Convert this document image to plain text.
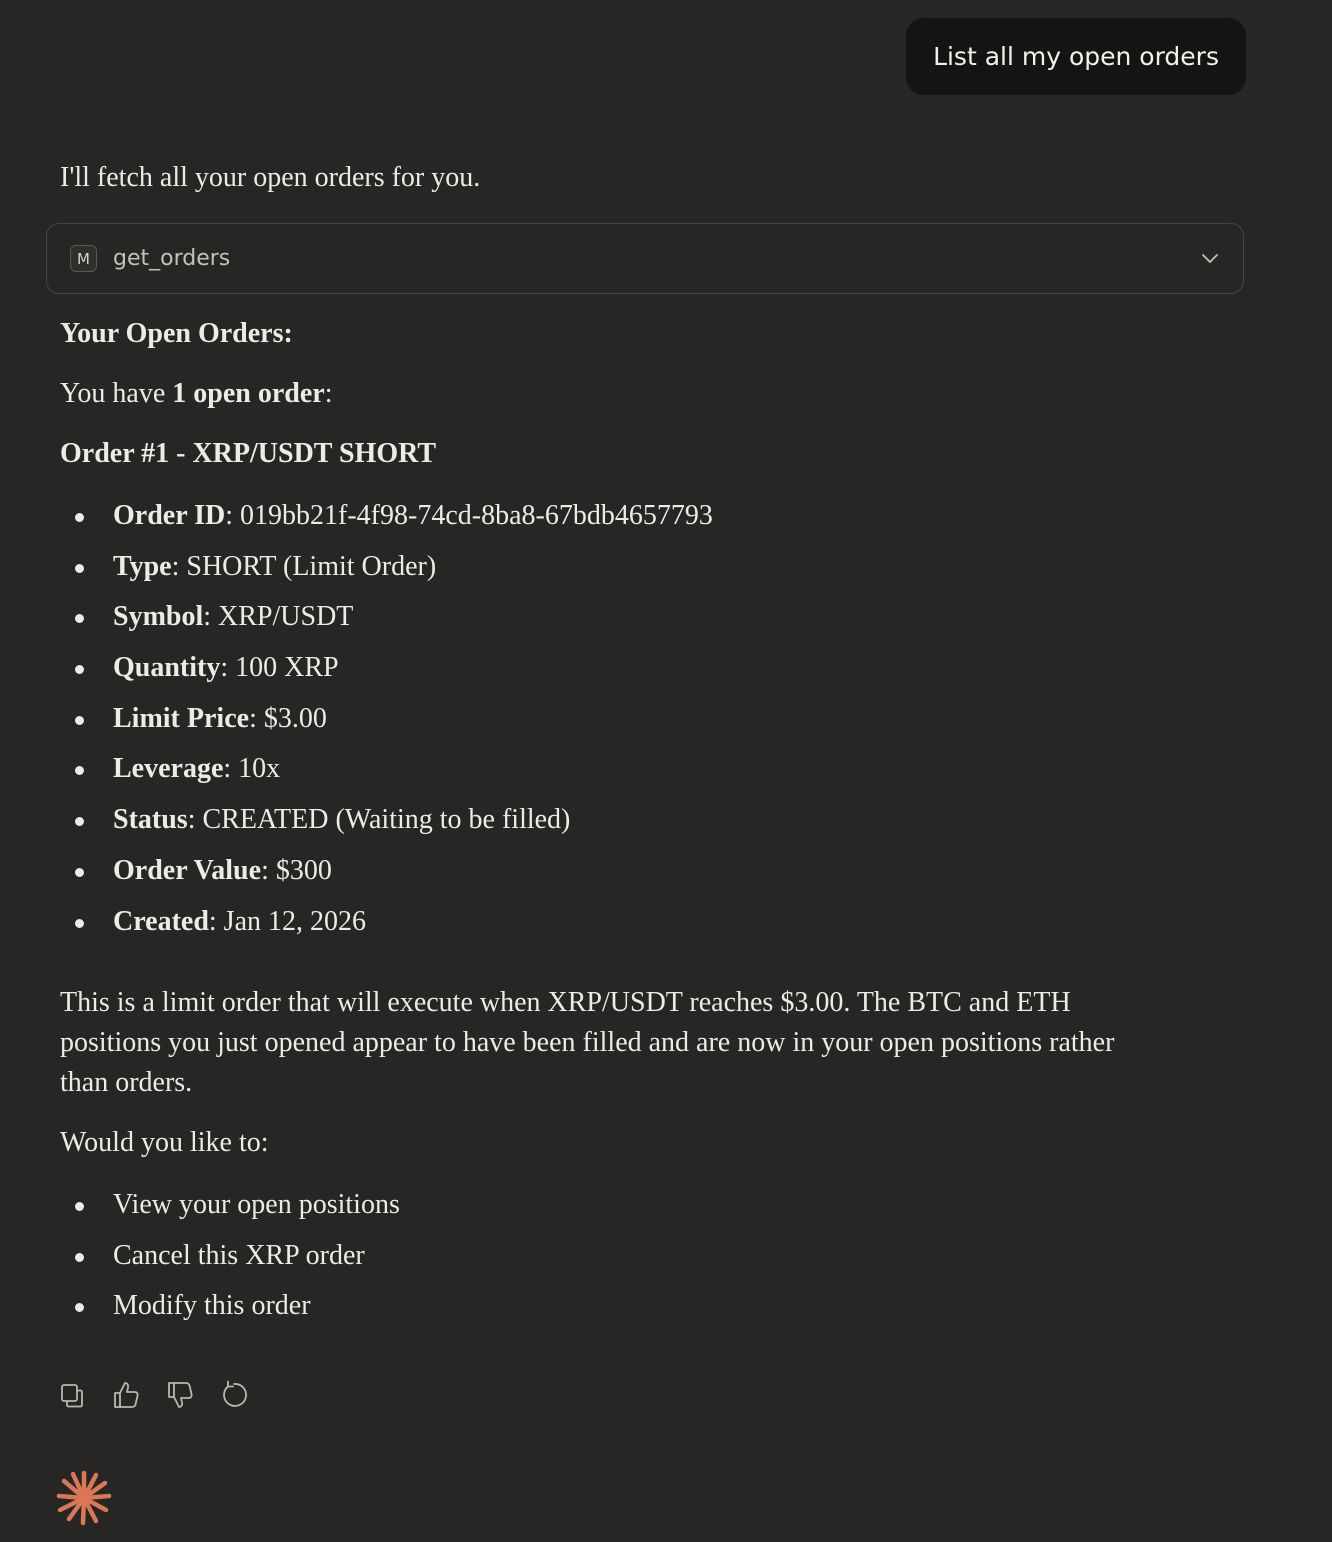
List all my open orders

I'll fetch all your open orders for you.

M	get_orders
Your Open Orders:
You have 1 open order:
Order #1 - XRP/USDT SHORT
Order ID: 019bb21f-4f98-74cd-8ba8-67bdb4657793
Type: SHORT (Limit Order)
Symbol: XRP/USDT
Quantity: 100 XRP
Limit Price: $3.00
Leverage: 10x
Status: CREATED (Waiting to be filled)
Order Value: $300
Created: Jan 12, 2026
This is a limit order that will execute when XRP/USDT reaches $3.00. The BTC and ETH positions you just opened appear to have been filled and are now in your open positions rather than orders.
Would you like to:
View your open positions
Cancel this XRP order
Modify this order
